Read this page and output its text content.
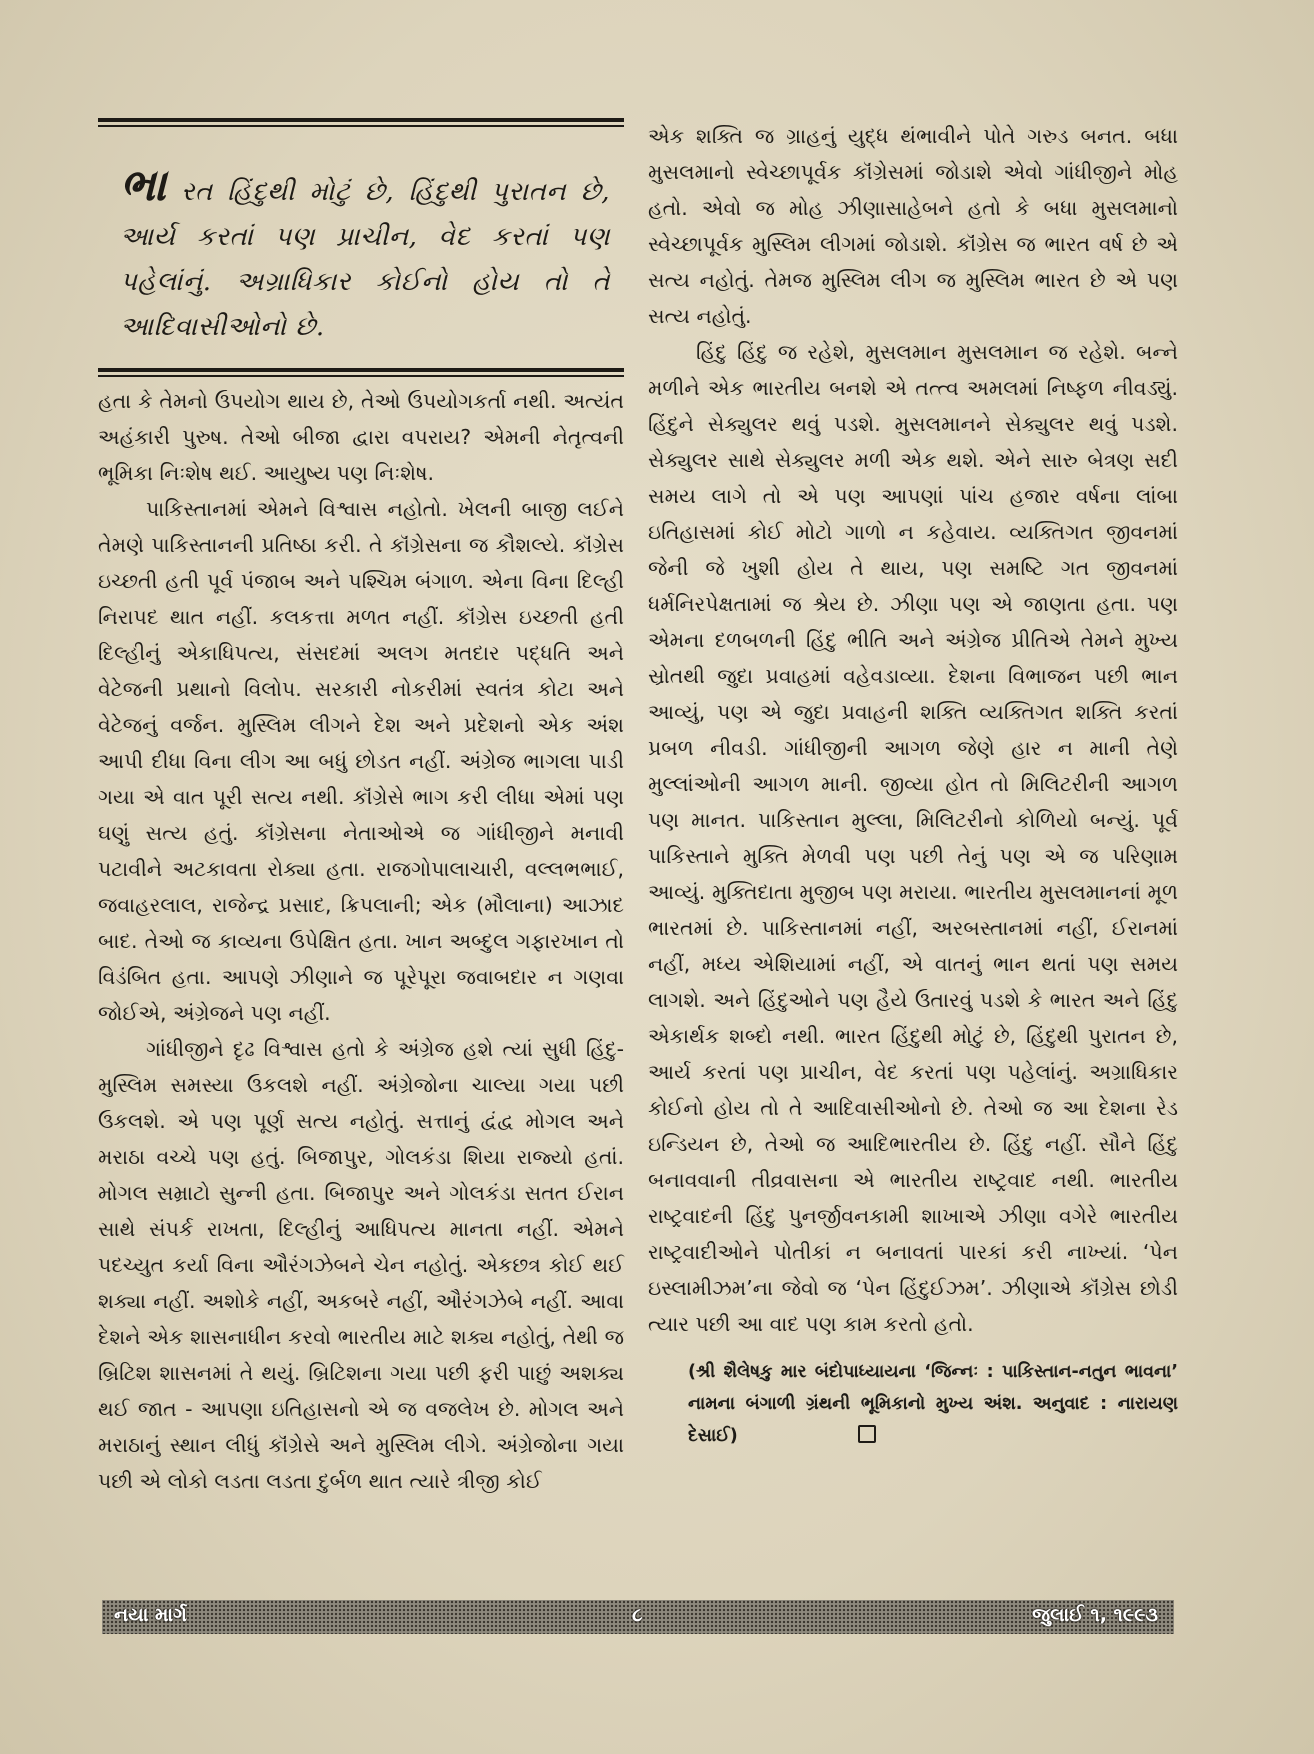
ભા રત હિંદુથી મોટું છે, હિંદુથી પુરાતન છે, આર્ય કરતાં પણ પ્રાચીન, વેદ કરતાં પણ પહેલાંનું. અગ્રાધિકાર કોઈનો હોય તો તે આદિવાસીઓનો છે.

હતા કે તેમનો ઉપયોગ થાય છે, તેઓ ઉપયોગકર્તા નથી. અત્યંત અહંકારી પુરુષ. તેઓ બીજા દ્વારા વપરાય? એમની નેતૃત્વની ભૂમિકા નિઃશેષ થઈ. આયુષ્ય પણ નિઃશેષ.

પાકિસ્તાનમાં એમને વિશ્વાસ નહોતો. ખેલની બાજી લઈને તેમણે પાકિસ્તાનની પ્રતિષ્ઠા કરી. તે કૉંગ્રેસના જ કૌશલ્યે. કૉંગ્રેસ ઇચ્છતી હતી પૂર્વ પંજાબ અને પશ્ચિમ બંગાળ. એના વિના દિલ્હી નિરાપદ થાત નહીં. કલકત્તા મળત નહીં. કૉંગ્રેસ ઇચ્છતી હતી દિલ્હીનું એકાધિપત્ય, સંસદમાં અલગ મતદાર પદ્ધતિ અને વેટેજની પ્રથાનો વિલોપ. સરકારી નોકરીમાં સ્વતંત્ર કોટા અને વેટેજનું વર્જન. મુસ્લિમ લીગને દેશ અને પ્રદેશનો એક અંશ આપી દીધા વિના લીગ આ બધું છોડત નહીં. અંગ્રેજ ભાગલા પાડી ગયા એ વાત પૂરી સત્ય નથી. કૉંગ્રેસે ભાગ કરી લીધા એમાં પણ ઘણું સત્ય હતું. કૉંગ્રેસના નેતાઓએ જ ગાંધીજીને મનાવી પટાવીને અટકાવતા રોક્યા હતા. રાજગોપાલાચારી, વલ્લભભાઈ, જવાહરલાલ, રાજેન્દ્ર પ્રસાદ, ક્રિપલાની; એક (મૌલાના) આઝાદ બાદ. તેઓ જ કાવ્યના ઉપેક્ષિત હતા. ખાન અબ્દુલ ગફારખાન તો વિડંબિત હતા. આપણે ઝીણાને જ પૂરેપૂરા જવાબદાર ન ગણવા જોઈએ, અંગ્રેજને પણ નહીં.

ગાંધીજીને દૃઢ વિશ્વાસ હતો કે અંગ્રેજ હશે ત્યાં સુધી હિંદુ-મુસ્લિમ સમસ્યા ઉકલશે નહીં. અંગ્રેજોના ચાલ્યા ગયા પછી ઉકલશે. એ પણ પૂર્ણ સત્ય નહોતું. સત્તાનું દ્વંદ્વ મોગલ અને મરાઠા વચ્ચે પણ હતું. બિજાપુર, ગોલકંડા શિયા રાજ્યો હતાં. મોગલ સમ્રાટો સુન્ની હતા. બિજાપુર અને ગોલકંડા સતત ઈરાન સાથે સંપર્ક રાખતા, દિલ્હીનું આધિપત્ય માનતા નહીં. એમને પદચ્યુત કર્યા વિના ઔરંગઝેબને ચેન નહોતું. એકછત્ર કોઈ થઈ શક્યા નહીં. અશોકે નહીં, અકબરે નહીં, ઔરંગઝેબે નહીં. આવા દેશને એક શાસનાધીન કરવો ભારતીય માટે શક્ય નહોતું, તેથી જ બ્રિટિશ શાસનમાં તે થયું. બ્રિટિશના ગયા પછી ફરી પાછું અશક્ય થઈ જાત - આપણા ઇતિહાસનો એ જ વજલેખ છે. મોગલ અને મરાઠાનું સ્થાન લીધું કૉંગ્રેસે અને મુસ્લિમ લીગે. અંગ્રેજોના ગયા પછી એ લોકો લડતા લડતા દુર્બળ થાત ત્યારે ત્રીજી કોઈ

એક શક્તિ જ ગ્રાહનું યુદ્ધ થંભાવીને પોતે ગરુડ બનત. બધા મુસલમાનો સ્વેચ્છાપૂર્વક કૉંગ્રેસમાં જોડાશે એવો ગાંધીજીને મોહ હતો. એવો જ મોહ ઝીણાસાહેબને હતો કે બધા મુસલમાનો સ્વેચ્છાપૂર્વક મુસ્લિમ લીગમાં જોડાશે. કૉંગ્રેસ જ ભારત વર્ષ છે એ સત્ય નહોતું. તેમજ મુસ્લિમ લીગ જ મુસ્લિમ ભારત છે એ પણ સત્ય નહોતું.

હિંદુ હિંદુ જ રહેશે, મુસલમાન મુસલમાન જ રહેશે. બન્ને મળીને એક ભારતીય બનશે એ તત્ત્વ અમલમાં નિષ્ફળ નીવડ્યું. હિંદુને સેક્યુલર થવું પડશે. મુસલમાનને સેક્યુલર થવું પડશે. સેક્યુલર સાથે સેક્યુલર મળી એક થશે. એને સારુ બેત્રણ સદી સમય લાગે તો એ પણ આપણાં પાંચ હજાર વર્ષના લાંબા ઇતિહાસમાં કોઈ મોટો ગાળો ન કહેવાય. વ્યક્તિગત જીવનમાં જેની જે ખુશી હોય તે થાય, પણ સમષ્ટિ ગત જીવનમાં ધર્મનિરપેક્ષતામાં જ શ્રેય છે. ઝીણા પણ એ જાણતા હતા. પણ એમના દળબળની હિંદુ ભીતિ અને અંગ્રેજ પ્રીતિએ તેમને મુખ્ય સ્રોતથી જુદા પ્રવાહમાં વહેવડાવ્યા. દેશના વિભાજન પછી ભાન આવ્યું, પણ એ જુદા પ્રવાહની શક્તિ વ્યક્તિગત શક્તિ કરતાં પ્રબળ નીવડી. ગાંધીજીની આગળ જેણે હાર ન માની તેણે મુલ્લાંઓની આગળ માની. જીવ્યા હોત તો મિલિટરીની આગળ પણ માનત. પાકિસ્તાન મુલ્લા, મિલિટરીનો કોળિયો બન્યું. પૂર્વ પાકિસ્તાને મુક્તિ મેળવી પણ પછી તેનું પણ એ જ પરિણામ આવ્યું. મુક્તિદાતા મુજીબ પણ મરાયા. ભારતીય મુસલમાનનાં મૂળ ભારતમાં છે. પાકિસ્તાનમાં નહીં, અરબસ્તાનમાં નહીં, ઈરાનમાં નહીં, મધ્ય એશિયામાં નહીં, એ વાતનું ભાન થતાં પણ સમય લાગશે. અને હિંદુઓને પણ હૈયે ઉતારવું પડશે કે ભારત અને હિંદુ એકાર્થક શબ્દો નથી. ભારત હિંદુથી મોટું છે, હિંદુથી પુરાતન છે, આર્ય કરતાં પણ પ્રાચીન, વેદ કરતાં પણ પહેલાંનું. અગ્રાધિકાર કોઈનો હોય તો તે આદિવાસીઓનો છે. તેઓ જ આ દેશના રેડ ઇન્ડિયન છે, તેઓ જ આદિભારતીય છે. હિંદુ નહીં. સૌને હિંદુ બનાવવાની તીવ્રવાસના એ ભારતીય રાષ્ટ્રવાદ નથી. ભારતીય રાષ્ટ્રવાદની હિંદુ પુનર્જીવનકામી શાખાએ ઝીણા વગેરે ભારતીય રાષ્ટ્રવાદીઓને પોતીકાં ન બનાવતાં પારકાં કરી નાખ્યાં. ‘પેન ઇસ્લામીઝમ’ના જેવો જ ‘પેન હિંદુઈઝમ’. ઝીણાએ કૉંગ્રેસ છોડી ત્યાર પછી આ વાદ પણ કામ કરતો હતો.

(શ્રી શૈલેષકુ માર બંદોપાધ્યાયના ‘જિન્નઃ : પાકિસ્તાન-નતુન ભાવના’ નામના બંગાળી ગ્રંથની ભૂમિકાનો મુખ્ય અંશ. અનુવાદ : નારાયણ દેસાઈ)
નયા માર્ગ	૮	જુલાઈ ૧, ૧૯૯૩
